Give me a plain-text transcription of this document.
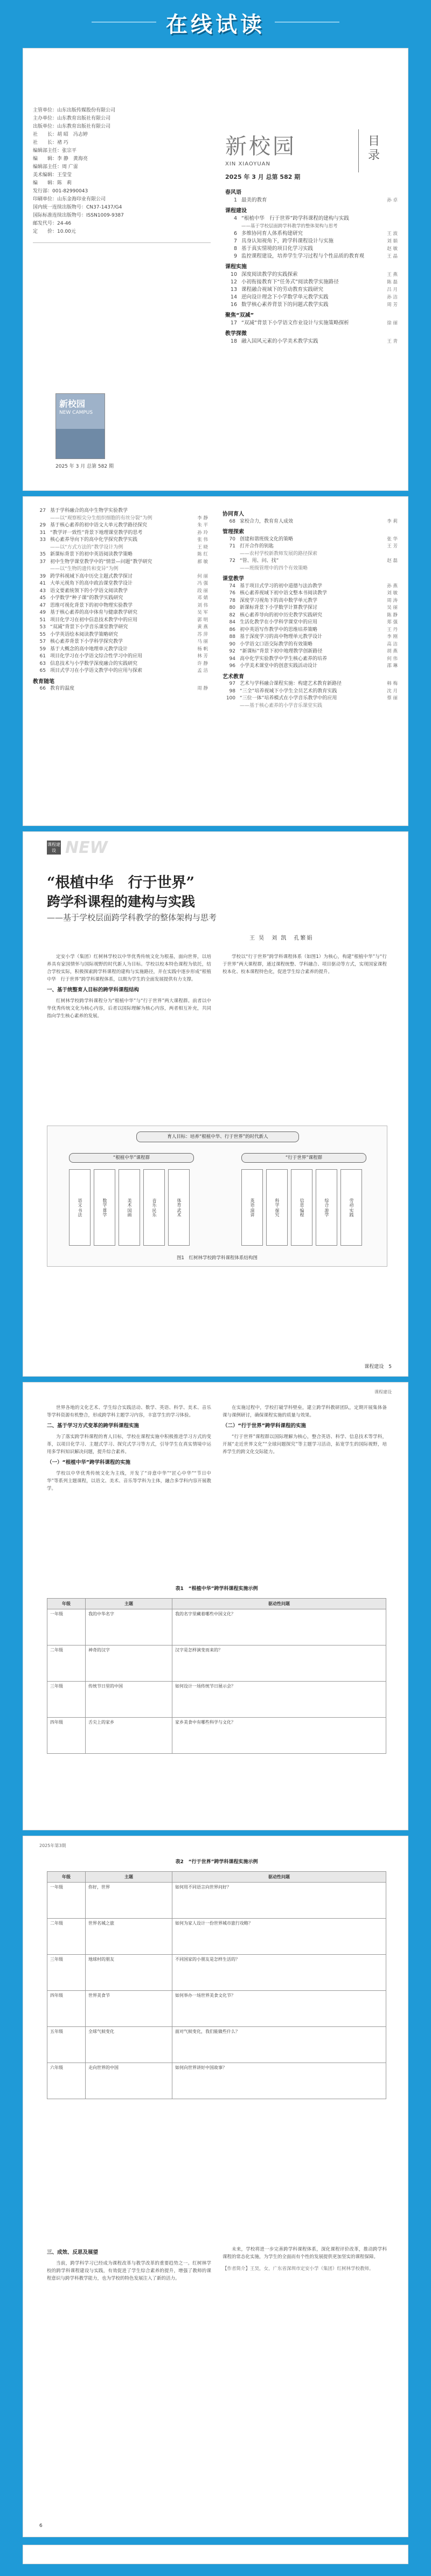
在线试读
主管单位：山东出版传媒股份有限公司
主办单位：山东教育出版社有限公司
出版单位：山东教育出版社有限公司
社　　长：胡 昭　冯志婷
社　　长：褚 巧
编辑部主任：张宗平
编　　辑：李 静　黄海亮
编辑部主任：周 广雷
美术编辑：王莹莹
编　　辑：陈　莉
发行部：001-82990043
印刷单位：山东金海印业有限公司
国内统一连续出版物号：CN37-1437/G4
国际标准连续出版物号：ISSN1009-9387
邮发代号：24-46
定　　价：10.00元
新校园
NEW CAMPUS
2025 年 3 月 总第 582 期
新校园
XIN XIAOYUAN
2025 年 3 月 总第 582 期
目录
春风语
1 最美的教育	孙 卓
课程建设
4 “根植中华　行于世界”跨学科课程的建构与实践
——基于学校层面跨学科教学的整体架构与思考
6 多维协同育人体系构建研究	王 波
7 具身认知视角下，跨学科课程设计与实施	刘 娟
8 基于真实情境的项目化学习实践	赵 敏
9 监控课程建设，培养学生学习过程与个性品质的教育观	王 晶
课程实施
10 深度阅读教学的实践探索	王 燕
12 小初衔接教育下“任务式”阅读教学实施路径	陈 磊
13 课程融合视域下的劳动教育实践研究	吕 月
14 逆向设计理念下小学数学单元教学实践	孙 洁
16 数学核心素养背景下的问题式教学实践	周 芳
聚焦“双减”
17 “双减”背景下小学语文作业设计与实施策略探析	徐 丽
教学探微
18 融入国风元素的小学美术教学实践	王 青
27 基于学科融合的高中生物学实验教学
——以“观察根尖分生组织细胞的有丝分裂”为例	李 静
29 基于核心素养的初中语文大单元教学路径探究	朱 平
31 “教学评一致性”背景下地理课堂教学的思考	孙 玲
33 核心素养导向下的高中化学探究教学实践	张 伟
——以“方式方法的”教学设计为例	王 晓
35 新课标背景下的初中英语阅读教学策略	陈 红
37 初中生物学课堂教学中的“情景—问题”教学研究	郝 敏
——以“生物的遗传和变异”为例
39 跨学科视域下高中历史主题式教学探讨	何 丽
41 大单元视角下的高中政治课堂教学设计	冯 强
43 语文要素统领下的小学语文阅读教学	段 丽
45 小学数学“种子课”的教学实践研究	邓 婧
47 思维可视化背景下的初中物理实验教学	刘 伟
49 基于核心素养的高中体育与健康教学研究	吴 军
51 项目化学习在初中信息技术教学中的应用	郭 明
53 “双减”背景下小学音乐课堂教学研究	黄 燕
55 小学英语绘本阅读教学策略研究	苏 萍
57 核心素养背景下小学科学探究教学	马 丽
59 基于大概念的高中地理单元教学设计	杨 帆
61 项目化学习在小学语文综合性学习中的应用	林 芳
63 信息技术与小学数学深度融合的实践研究	许 静
65 项目式学习在小学语文教学中的应用与探索	孟 洁
教育随笔
66 教育的温度	周 静
协同育人
68 家校合力，教育育人成效	李 莉
管理探索
70 创建和谐班级文化的策略	张 华
71 打开合作的钥匙	王 芳
——农村学校新教师发展的路径探索
72 “管、用、问、找”	赵 磊
——班级管理中的四个有效策略
课堂教学
74 基于项目式学习的初中道德与法治教学	孙 燕
76 核心素养视域下初中语文整本书阅读教学	刘 敏
78 深度学习视角下的高中数学单元教学	周 涛
80 新课标背景下小学数学计算教学探讨	吴 丽
82 核心素养导向的初中历史教学实践研究	陈 静
84 生活化教学在小学科学课堂中的应用	郑 强
86 初中英语写作教学中的思维培养策略	王 丹
88 基于深度学习的高中物理单元教学设计	李 刚
90 小学语文口语交际教学的有效策略	高 洁
92 “新课标”背景下初中地理教学创新路径	胡 燕
94 高中化学实验教学中学生核心素养的培养	何 伟
96 小学美术课堂中的创意实践活动设计	邵 琳
艺术教育
97 艺术与学科融合课程实施：构建艺术教育新路径	韩 梅
98 “三全”培养视域下小学生全员艺术的教育实践	沈 月
100 “三位一体”培养模式在小学音乐教学中的应用	蔡 丽
——基于核心素养的小学音乐课堂实践
课程建设 NEW
“根植中华　行于世界”
跨学科课程的建构与实践
——基于学校层面跨学科教学的整体架构与思考
王 昊　刘 凯　孔繁娟

定安小学（集团）红树林学校以中华优秀传统文化为根基，面向世界，以培养具有家国情怀与国际视野的时代新人为目标。学校以校本特色课程为依托，结合学校实际，积极探索跨学科课程的建构与实施路径，并在实践中逐步形成“根植中华　行于世界”跨学科课程体系，以期为学生的全面发展提供有力支撑。

一、基于统整育人目标的跨学科课程结构

红树林学校跨学科课程分为“根植中华”与“行于世界”两大课程群。前者以中华优秀传统文化为核心内容，后者以国际理解为核心内容，两者相互补充，共同指向学生核心素养的发展。

学校以“行于世界”跨学科课程体系（如图1）为核心，构建“根植中华”与“行于世界”两大课程群，通过课程统整、学科融合、项目驱动等方式，实现国家课程校本化、校本课程特色化，促进学生综合素养的提升。

育人目标：培养“根植中华、行于世界”的时代新人
“根植中华”课程群	“行于世界”课程群
语文·书法	数学·算学	美术·国画	音乐·民乐	体育·武术	英语·演讲	科学·探究	信息·编程	综合·游学	劳动·实践
图1　红树林学校跨学科课程体系结构图
课程建设　5
课程建设

世界各地的文化艺术、学生综合实践活动、数学、英语、科学、美术、音乐等学科资源有机整合，形成跨学科主题学习内容，丰富学生的学习体验。

二、基于学习方式变革的跨学科课程实施

为了落实跨学科课程的育人目标，学校在课程实施中积极推进学习方式的变革，以项目化学习、主题式学习、探究式学习等方式，引导学生在真实情境中运用多学科知识解决问题，提升综合素养。

（一）“根植中华”跨学科课程的实施

学校以中华优秀传统文化为主线，开发了“诗意中华”“匠心中华”“节日中华”等系列主题课程，以语文、美术、音乐等学科为主体，融合多学科内容开展教学。

在实施过程中，学校打破学科壁垒，建立跨学科教研团队，定期开展集体备课与课例研讨，确保课程实施的质量与效果。

（二）“行于世界”跨学科课程的实施

“行于世界”课程群以国际理解为核心，整合英语、科学、信息技术等学科，开展“走近世界文化”“全球问题探究”等主题学习活动，拓宽学生的国际视野，培养学生的跨文化交际能力。

表1　“根植中华”跨学科课程实施示例
年级	主题	驱动性问题
一年级	我的中华名字	我的名字里藏着哪些中国文化？
二年级	神奇的汉字	汉字是怎样演变而来的？
三年级	传统节日里的中国	如何设计一场传统节日展示会？
四年级	舌尖上的家乡	家乡美食中有哪些科学与文化？
2025年第3期
表2　“行于世界”跨学科课程实施示例
年级	主题	驱动性问题
一年级	你好，世界	如何用不同语言向世界问好？
二年级	世界名城之旅	如何为家人设计一份世界城市旅行攻略？
三年级	地球村的朋友	不同国家的小朋友是怎样生活的？
四年级	世界美食节	如何举办一场世界美食文化节？
五年级	全球气候变化	面对气候变化，我们能做些什么？
六年级	走向世界的中国	如何向世界讲好中国故事？
三、成效、反思及展望

当前，跨学科学习已经成为课程改革与教学改革的重要趋势之一。红树林学校的跨学科课程建设与实践，有效促进了学生综合素养的提升，增强了教师的课程意识与跨学科教学能力，也为学校的特色发展注入了新的活力。

未来，学校将进一步完善跨学科课程体系，深化课程评价改革，推动跨学科课程的常态化实施，为学生的全面而有个性的发展提供更加坚实的课程保障。

【作者简介】王昊，女，广东省深圳市定安小学（集团）红树林学校教师。

6
